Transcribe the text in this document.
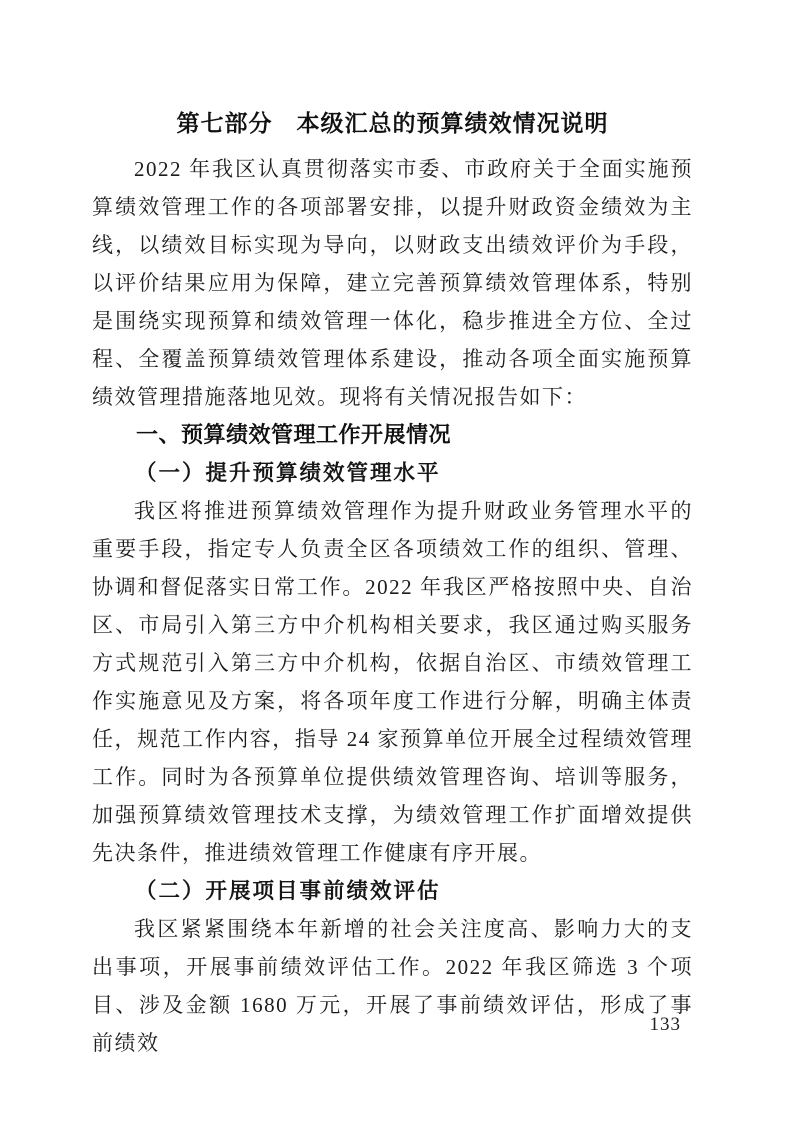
第七部分　本级汇总的预算绩效情况说明

2022 年我区认真贯彻落实市委、市政府关于全面实施预算绩效管理工作的各项部署安排，以提升财政资金绩效为主线，以绩效目标实现为导向，以财政支出绩效评价为手段，以评价结果应用为保障，建立完善预算绩效管理体系，特别是围绕实现预算和绩效管理一体化，稳步推进全方位、全过程、全覆盖预算绩效管理体系建设，推动各项全面实施预算绩效管理措施落地见效。现将有关情况报告如下：

一、预算绩效管理工作开展情况
（一）提升预算绩效管理水平

我区将推进预算绩效管理作为提升财政业务管理水平的重要手段，指定专人负责全区各项绩效工作的组织、管理、协调和督促落实日常工作。2022 年我区严格按照中央、自治区、市局引入第三方中介机构相关要求，我区通过购买服务方式规范引入第三方中介机构，依据自治区、市绩效管理工作实施意见及方案，将各项年度工作进行分解，明确主体责任，规范工作内容，指导 24 家预算单位开展全过程绩效管理工作。同时为各预算单位提供绩效管理咨询、培训等服务，加强预算绩效管理技术支撑，为绩效管理工作扩面增效提供先决条件，推进绩效管理工作健康有序开展。

（二）开展项目事前绩效评估

我区紧紧围绕本年新增的社会关注度高、影响力大的支出事项，开展事前绩效评估工作。2022 年我区筛选 3 个项目、涉及金额 1680 万元，开展了事前绩效评估，形成了事前绩效

133
